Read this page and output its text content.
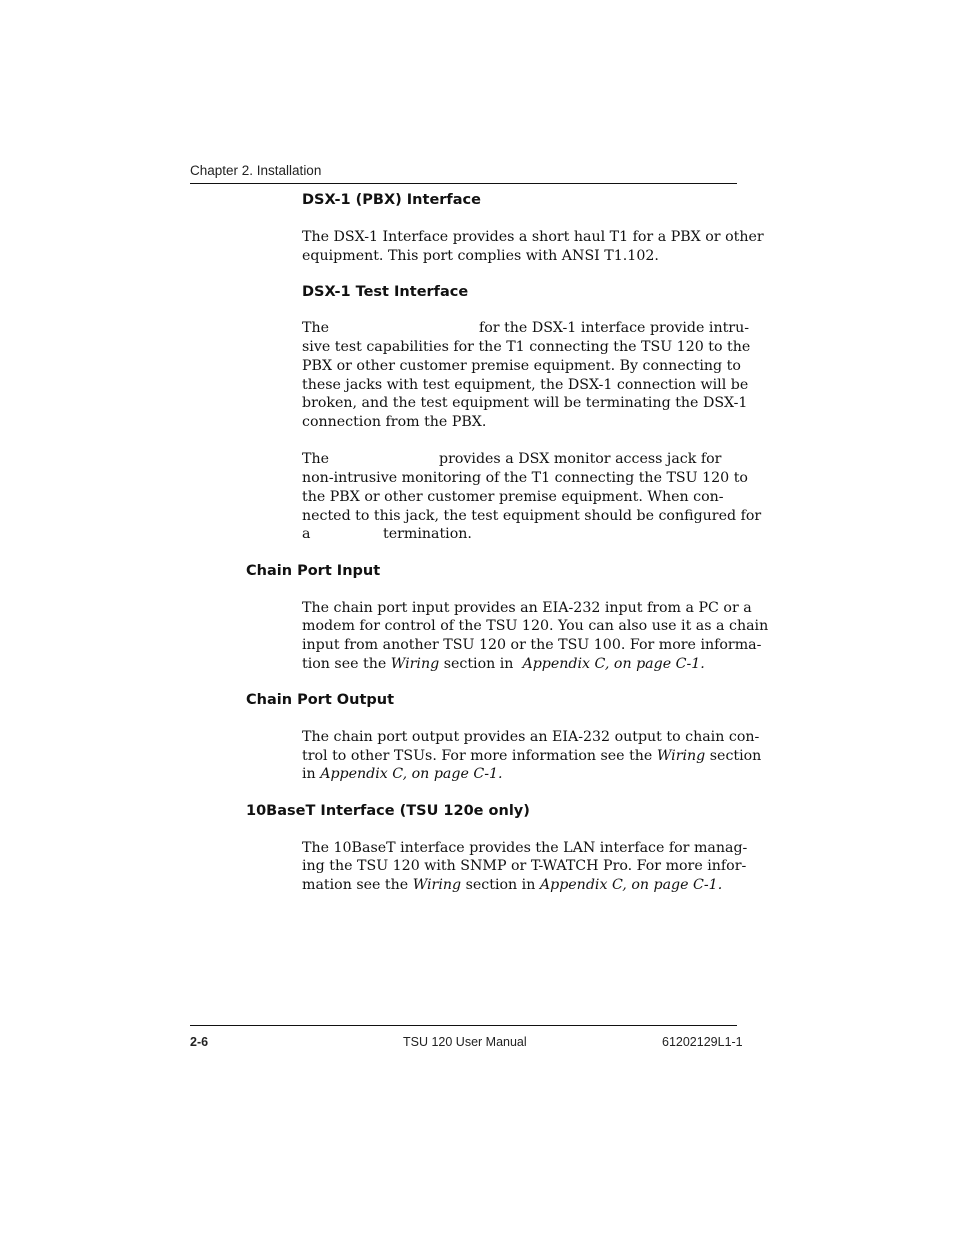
Chapter 2. Installation
DSX-1 (PBX) Interface
The DSX-1 Interface provides a short haul T1 for a PBX or other
equipment. This port complies with ANSI T1.102.
DSX-1 Test Interface
The	for the DSX-1 interface provide intru-
sive test capabilities for the T1 connecting the TSU 120 to the
PBX or other customer premise equipment. By connecting to
these jacks with test equipment, the DSX-1 connection will be
broken, and the test equipment will be terminating the DSX-1
connection from the PBX.
The	provides a DSX monitor access jack for
non-intrusive monitoring of the T1 connecting the TSU 120 to
the PBX or other customer premise equipment. When con-
nected to this jack, the test equipment should be configured for
a	termination.
Chain Port Input
The chain port input provides an EIA-232 input from a PC or a
modem for control of the TSU 120. You can also use it as a chain
input from another TSU 120 or the TSU 100. For more informa-
tion see the Wiring section in Appendix C, on page C-1.
Chain Port Output
The chain port output provides an EIA-232 output to chain con-
trol to other TSUs. For more information see the Wiring section
in Appendix C, on page C-1.
10BaseT Interface (TSU 120e only)
The 10BaseT interface provides the LAN interface for manag-
ing the TSU 120 with SNMP or T-WATCH Pro. For more infor-
mation see the Wiring section in Appendix C, on page C-1.
2-6	TSU 120 User Manual	61202129L1-1
